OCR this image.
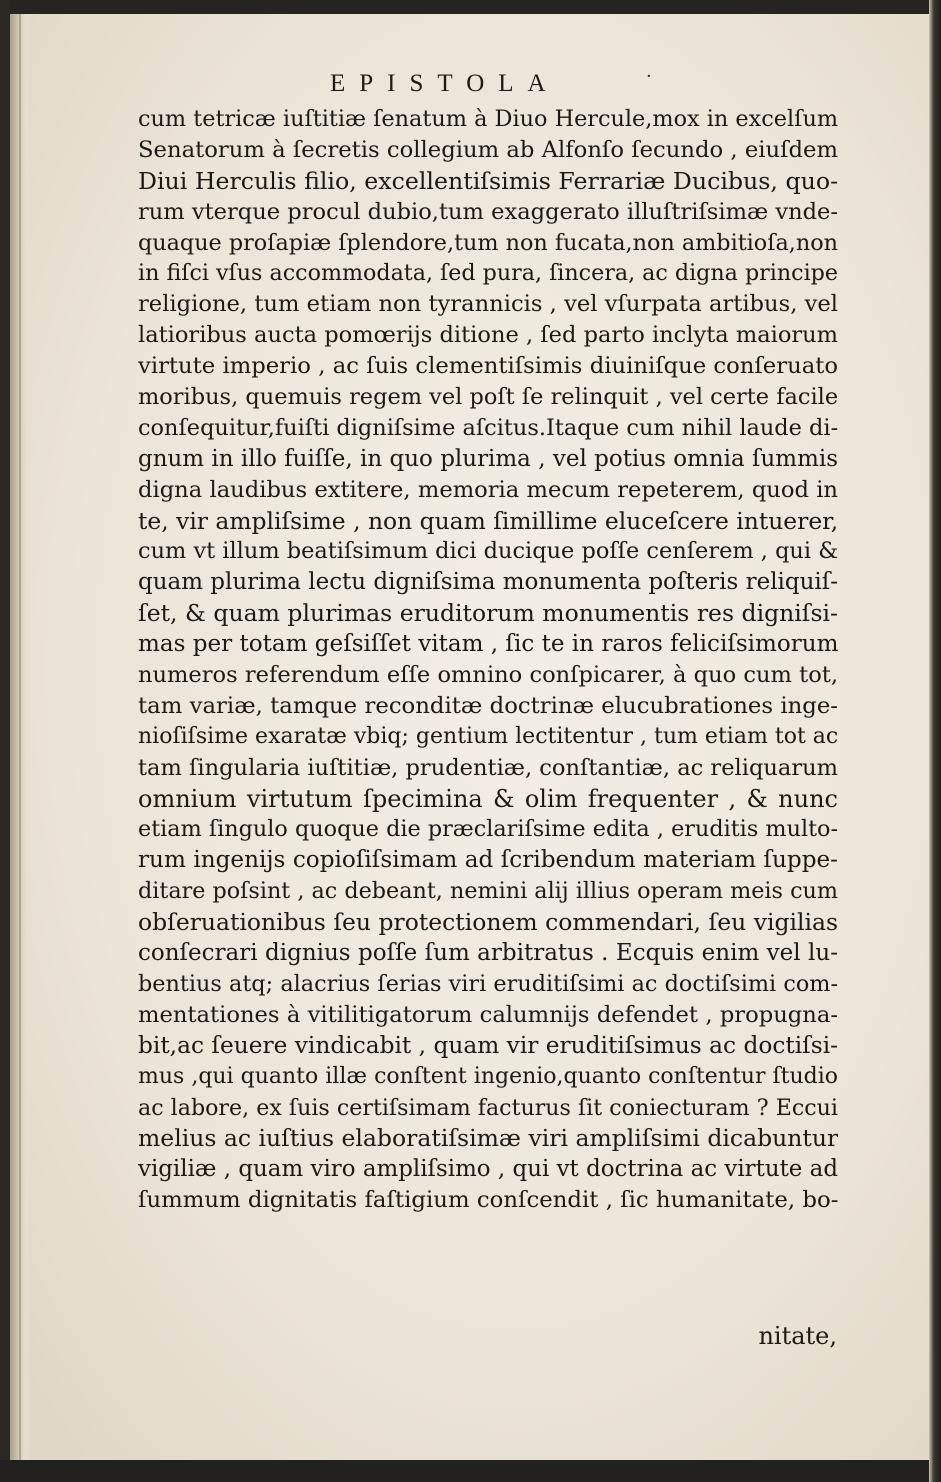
EPISTOLA	·
cum tetricæ iuſtitiæ ſenatum à Diuo Hercule,mox in excelſum
Senatorum à ſecretis collegium ab Alfonſo ſecundo , eiuſdem
Diui Herculis filio, excellentiſsimis Ferrariæ Ducibus, quo-
rum vterque procul dubio,tum exaggerato illuſtriſsimæ vnde-
quaque proſapiæ ſplendore,tum non fucata,non ambitioſa,non
in fiſci vſus accommodata, ſed pura, ſincera, ac digna principe
religione, tum etiam non tyrannicis , vel vſurpata artibus, vel
latioribus aucta pomœrijs ditione , ſed parto inclyta maiorum
virtute imperio , ac ſuis clementiſsimis diuiniſque conſeruato
moribus, quemuis regem vel poſt ſe relinquit , vel certe facile
conſequitur,fuiſti digniſsime aſcitus.Itaque cum nihil laude di-
gnum in illo fuiſſe, in quo plurima , vel potius omnia ſummis
digna laudibus extitere, memoria mecum repeterem, quod in
te, vir ampliſsime , non quam ſimillime eluceſcere intuerer,
cum vt illum beatiſsimum dici ducique poſſe cenſerem , qui &
quam plurima lectu digniſsima monumenta poſteris reliquiſ-
ſet, & quam plurimas eruditorum monumentis res digniſsi-
mas per totam geſsiſſet vitam , ſic te in raros feliciſsimorum
numeros referendum eſſe omnino conſpicarer, à quo cum tot,
tam variæ, tamque reconditæ doctrinæ elucubrationes inge-
nioſiſsime exaratæ vbiq; gentium lectitentur , tum etiam tot ac
tam ſingularia iuſtitiæ, prudentiæ, conſtantiæ, ac reliquarum
omnium virtutum ſpecimina & olim frequenter , & nunc
etiam ſingulo quoque die præclariſsime edita , eruditis multo-
rum ingenijs copioſiſsimam ad ſcribendum materiam ſuppe-
ditare poſsint , ac debeant, nemini alij illius operam meis cum
obſeruationibus ſeu protectionem commendari, ſeu vigilias
conſecrari dignius poſſe ſum arbitratus . Ecquis enim vel lu-
bentius atq; alacrius ſerias viri eruditiſsimi ac doctiſsimi com-
mentationes à vitilitigatorum calumnijs defendet , propugna-
bit,ac ſeuere vindicabit , quam vir eruditiſsimus ac doctiſsi-
mus ,qui quanto illæ conſtent ingenio,quanto conſtentur ſtudio
ac labore, ex ſuis certiſsimam facturus ſit coniecturam ? Eccui
melius ac iuſtius elaboratiſsimæ viri ampliſsimi dicabuntur
vigiliæ , quam viro ampliſsimo , qui vt doctrina ac virtute ad
ſummum dignitatis faſtigium conſcendit , ſic humanitate, bo-
nitate,
